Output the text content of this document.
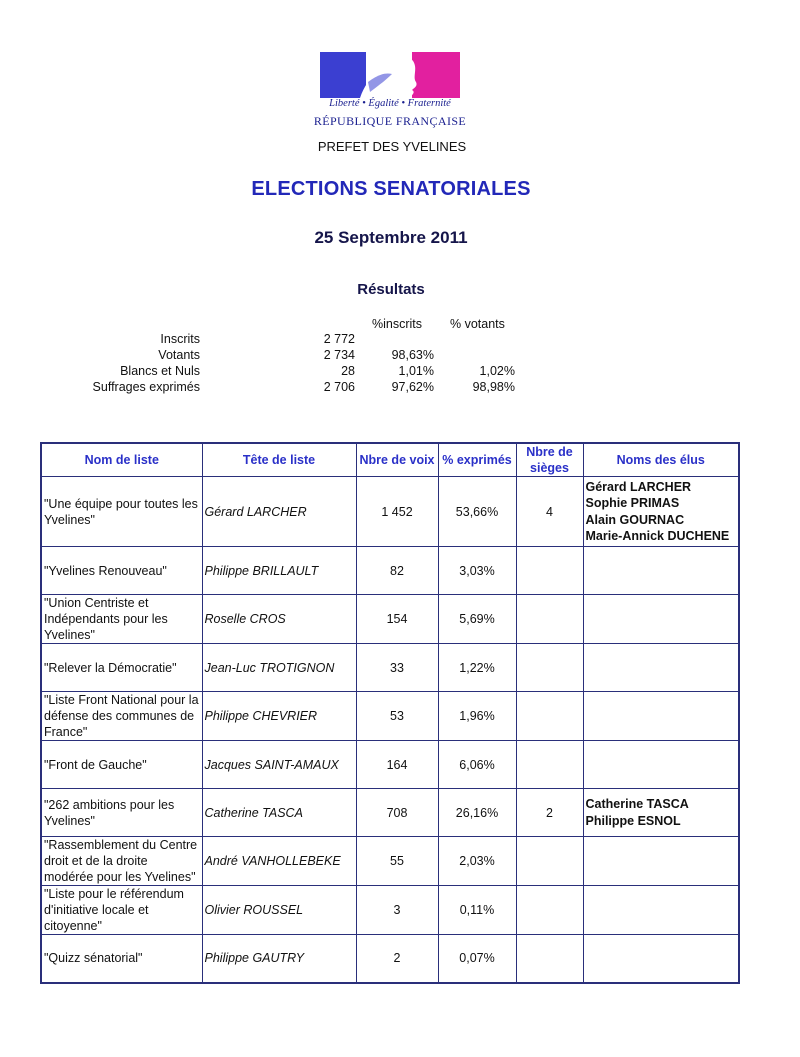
Liberté • Égalité • Fraternité
RÉPUBLIQUE FRANÇAISE
PREFET DES YVELINES
ELECTIONS SENATORIALES
25 Septembre 2011
Résultats
%inscrits % votants
Inscrits	2 772
Votants	2 734	98,63%
Blancs et Nuls	28	1,01%	1,02%
Suffrages exprimés	2 706	97,62%	98,98%
Nom de liste	Tête de liste	Nbre de voix	% exprimés	Nbre de sièges	Noms des élus
"Une équipe pour toutes les Yvelines"	Gérard LARCHER	1 452	53,66%	4	Gérard LARCHER
Sophie PRIMAS
Alain GOURNAC
Marie-Annick DUCHENE

"Yvelines Renouveau"	Philippe BRILLAULT	82	3,03%		
"Union Centriste et Indépendants pour les Yvelines"	Roselle CROS	154	5,69%		
"Relever la Démocratie"	Jean-Luc TROTIGNON	33	1,22%		
"Liste Front National pour la défense des communes de France"	Philippe CHEVRIER	53	1,96%		
"Front de Gauche"	Jacques SAINT-AMAUX	164	6,06%		
"262 ambitions pour les Yvelines"	Catherine TASCA	708	26,16%	2	Catherine TASCA
Philippe ESNOL

"Rassemblement du Centre droit et de la droite modérée pour les Yvelines"	André VANHOLLEBEKE	55	2,03%		
"Liste pour le référendum d'initiative locale et citoyenne"	Olivier ROUSSEL	3	0,11%		
"Quizz sénatorial"	Philippe GAUTRY	2	0,07%		
